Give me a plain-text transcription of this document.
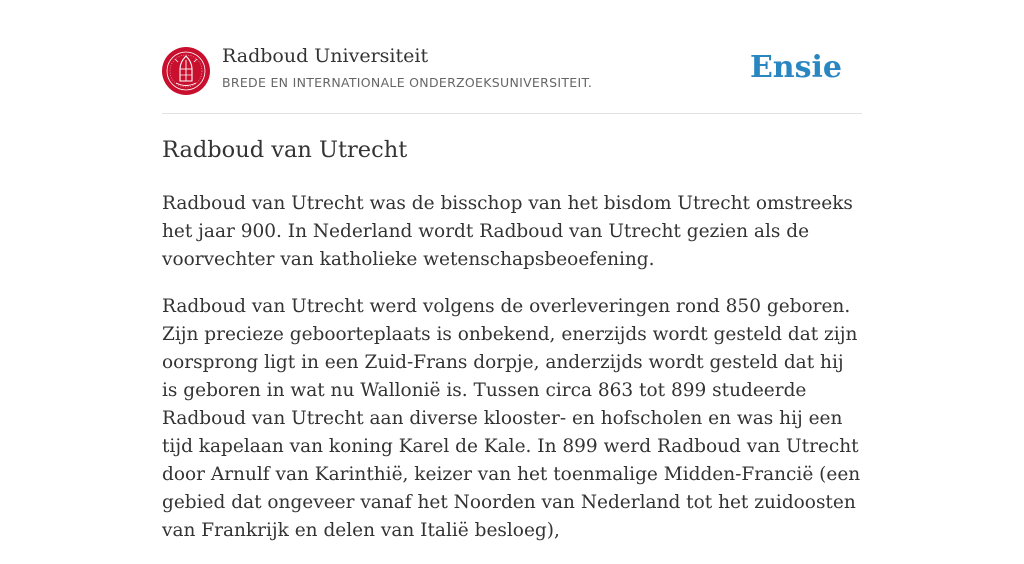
Radboud Universiteit
BREDE EN INTERNATIONALE ONDERZOEKSUNIVERSITEIT.	Ensie
Radboud van Utrecht

Radboud van Utrecht was de bisschop van het bisdom Utrecht omstreeks het jaar 900. In Nederland wordt Radboud van Utrecht gezien als de voorvechter van katholieke wetenschapsbeoefening.

Radboud van Utrecht werd volgens de overleveringen rond 850 geboren. Zijn precieze geboorteplaats is onbekend, enerzijds wordt gesteld dat zijn oorsprong ligt in een Zuid-Frans dorpje, anderzijds wordt gesteld dat hij is geboren in wat nu Wallonië is. Tussen circa 863 tot 899 studeerde Radboud van Utrecht aan diverse klooster- en hofscholen en was hij een tijd kapelaan van koning Karel de Kale. In 899 werd Radboud van Utrecht door Arnulf van Karinthië, keizer van het toenmalige Midden-Francië (een gebied dat ongeveer vanaf het Noorden van Nederland tot het zuidoosten van Frankrijk en delen van Italië besloeg),
